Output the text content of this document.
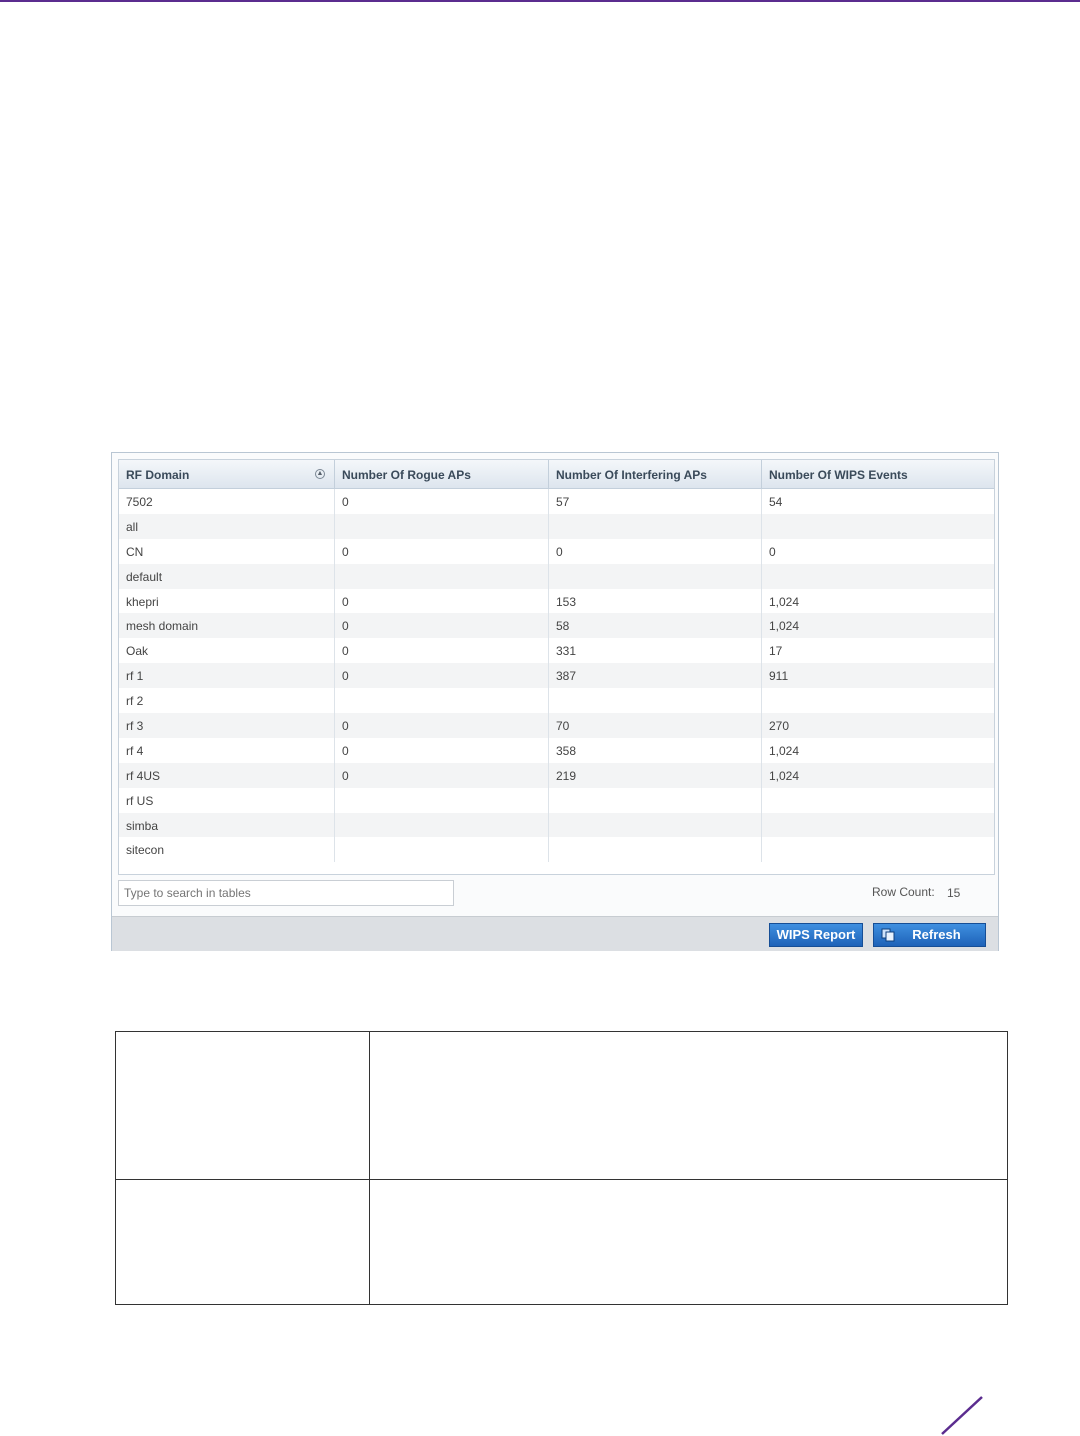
RF Domain	▲	Number Of Rogue APs	Number Of Interfering APs	Number Of WIPS Events
7502	0	57	54
all
CN	0	0	0
default
khepri	0	153	1,024
mesh domain	0	58	1,024
Oak	0	331	17
rf 1	0	387	911
rf 2
rf 3	0	70	270
rf 4	0	358	1,024
rf 4US	0	219	1,024
rf US
simba
sitecon
Type to search in tables
Row Count: 15
WIPS Report	Refresh
